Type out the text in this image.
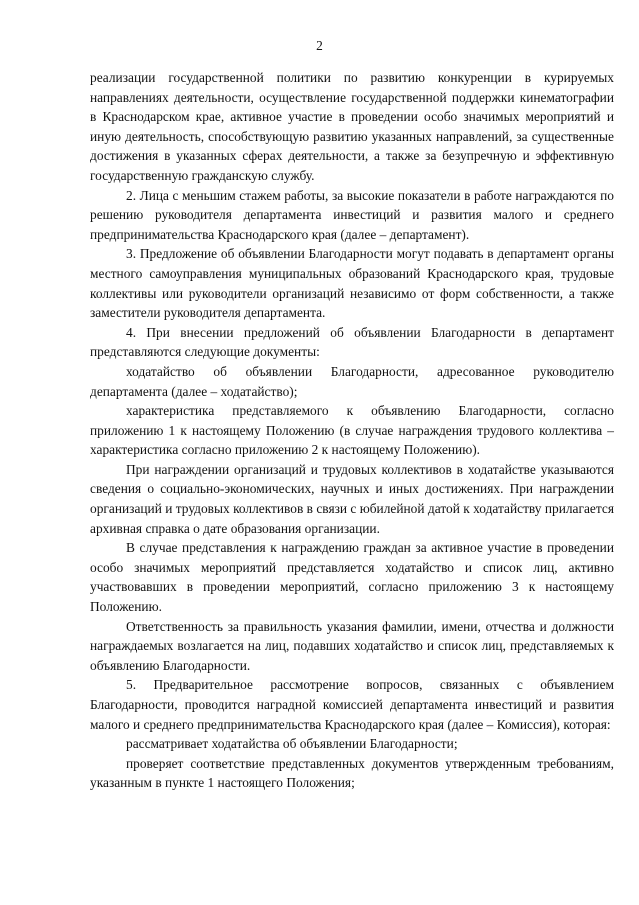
2

реализации государственной политики по развитию конкуренции в курируемых направлениях деятельности, осуществление государственной поддержки кинематографии в Краснодарском крае, активное участие в проведении особо значимых мероприятий и иную деятельность, способствующую развитию указанных направлений, за существенные достижения в указанных сферах деятельности, а также за безупречную и эффективную государственную гражданскую службу.

2. Лица с меньшим стажем работы, за высокие показатели в работе награждаются по решению руководителя департамента инвестиций и развития малого и среднего предпринимательства Краснодарского края (далее – департамент).

3. Предложение об объявлении Благодарности могут подавать в департамент органы местного самоуправления муниципальных образований Краснодарского края, трудовые коллективы или руководители организаций независимо от форм собственности, а также заместители руководителя департамента.

4. При внесении предложений об объявлении Благодарности в департамент представляются следующие документы:

ходатайство об объявлении Благодарности, адресованное руководителю департамента (далее – ходатайство);

характеристика представляемого к объявлению Благодарности, согласно приложению 1 к настоящему Положению (в случае награждения трудового коллектива – характеристика согласно приложению 2 к настоящему Положению).

При награждении организаций и трудовых коллективов в ходатайстве указываются сведения о социально-экономических, научных и иных достижениях. При награждении организаций и трудовых коллективов в связи с юбилейной датой к ходатайству прилагается архивная справка о дате образования организации.

В случае представления к награждению граждан за активное участие в проведении особо значимых мероприятий представляется ходатайство и список лиц, активно участвовавших в проведении мероприятий, согласно приложению 3 к настоящему Положению.

Ответственность за правильность указания фамилии, имени, отчества и должности награждаемых возлагается на лиц, подавших ходатайство и список лиц, представляемых к объявлению Благодарности.

5. Предварительное рассмотрение вопросов, связанных с объявлением Благодарности, проводится наградной комиссией департамента инвестиций и развития малого и среднего предпринимательства Краснодарского края (далее – Комиссия), которая:

рассматривает ходатайства об объявлении Благодарности;

проверяет соответствие представленных документов утвержденным требованиям, указанным в пункте 1 настоящего Положения;
